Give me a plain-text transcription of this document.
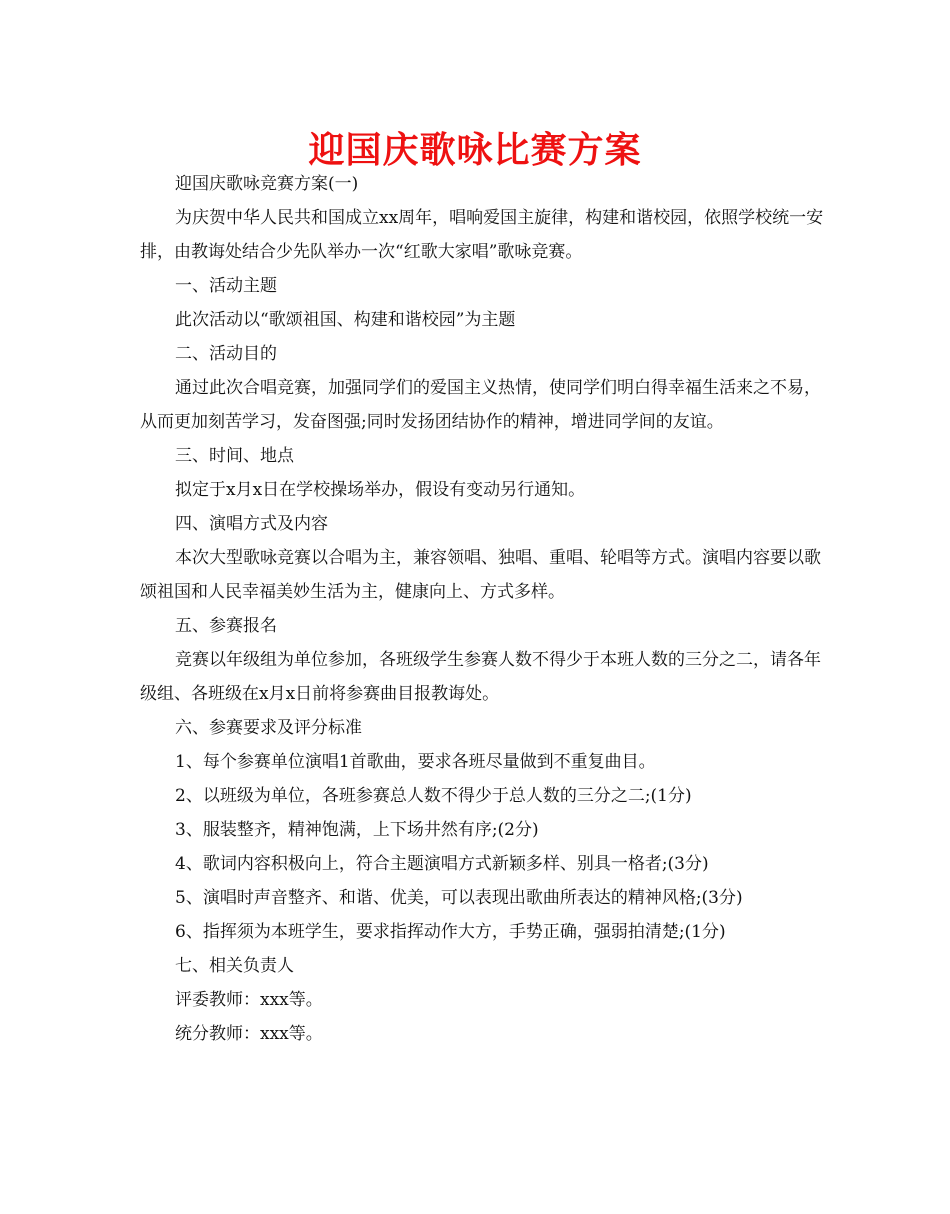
迎国庆歌咏比赛方案

迎国庆歌咏竞赛方案(一)

为庆贺中华人民共和国成立xx周年，唱响爱国主旋律，构建和谐校园，依照学校统一安排，由教诲处结合少先队举办一次“红歌大家唱”歌咏竞赛。

一、活动主题

此次活动以“歌颂祖国、构建和谐校园”为主题

二、活动目的

通过此次合唱竞赛，加强同学们的爱国主义热情，使同学们明白得幸福生活来之不易，从而更加刻苦学习，发奋图强;同时发扬团结协作的精神，增进同学间的友谊。

三、时间、地点

拟定于x月x日在学校操场举办，假设有变动另行通知。

四、演唱方式及内容

本次大型歌咏竞赛以合唱为主，兼容领唱、独唱、重唱、轮唱等方式。演唱内容要以歌颂祖国和人民幸福美妙生活为主，健康向上、方式多样。

五、参赛报名

竞赛以年级组为单位参加，各班级学生参赛人数不得少于本班人数的三分之二，请各年级组、各班级在x月x日前将参赛曲目报教诲处。

六、参赛要求及评分标准

1、每个参赛单位演唱1首歌曲，要求各班尽量做到不重复曲目。

2、以班级为单位，各班参赛总人数不得少于总人数的三分之二;(1分)

3、服装整齐，精神饱满，上下场井然有序;(2分)

4、歌词内容积极向上，符合主题演唱方式新颖多样、别具一格者;(3分)

5、演唱时声音整齐、和谐、优美，可以表现出歌曲所表达的精神风格;(3分)

6、指挥须为本班学生，要求指挥动作大方，手势正确，强弱拍清楚;(1分)

七、相关负责人

评委教师：xxx等。

统分教师：xxx等。
